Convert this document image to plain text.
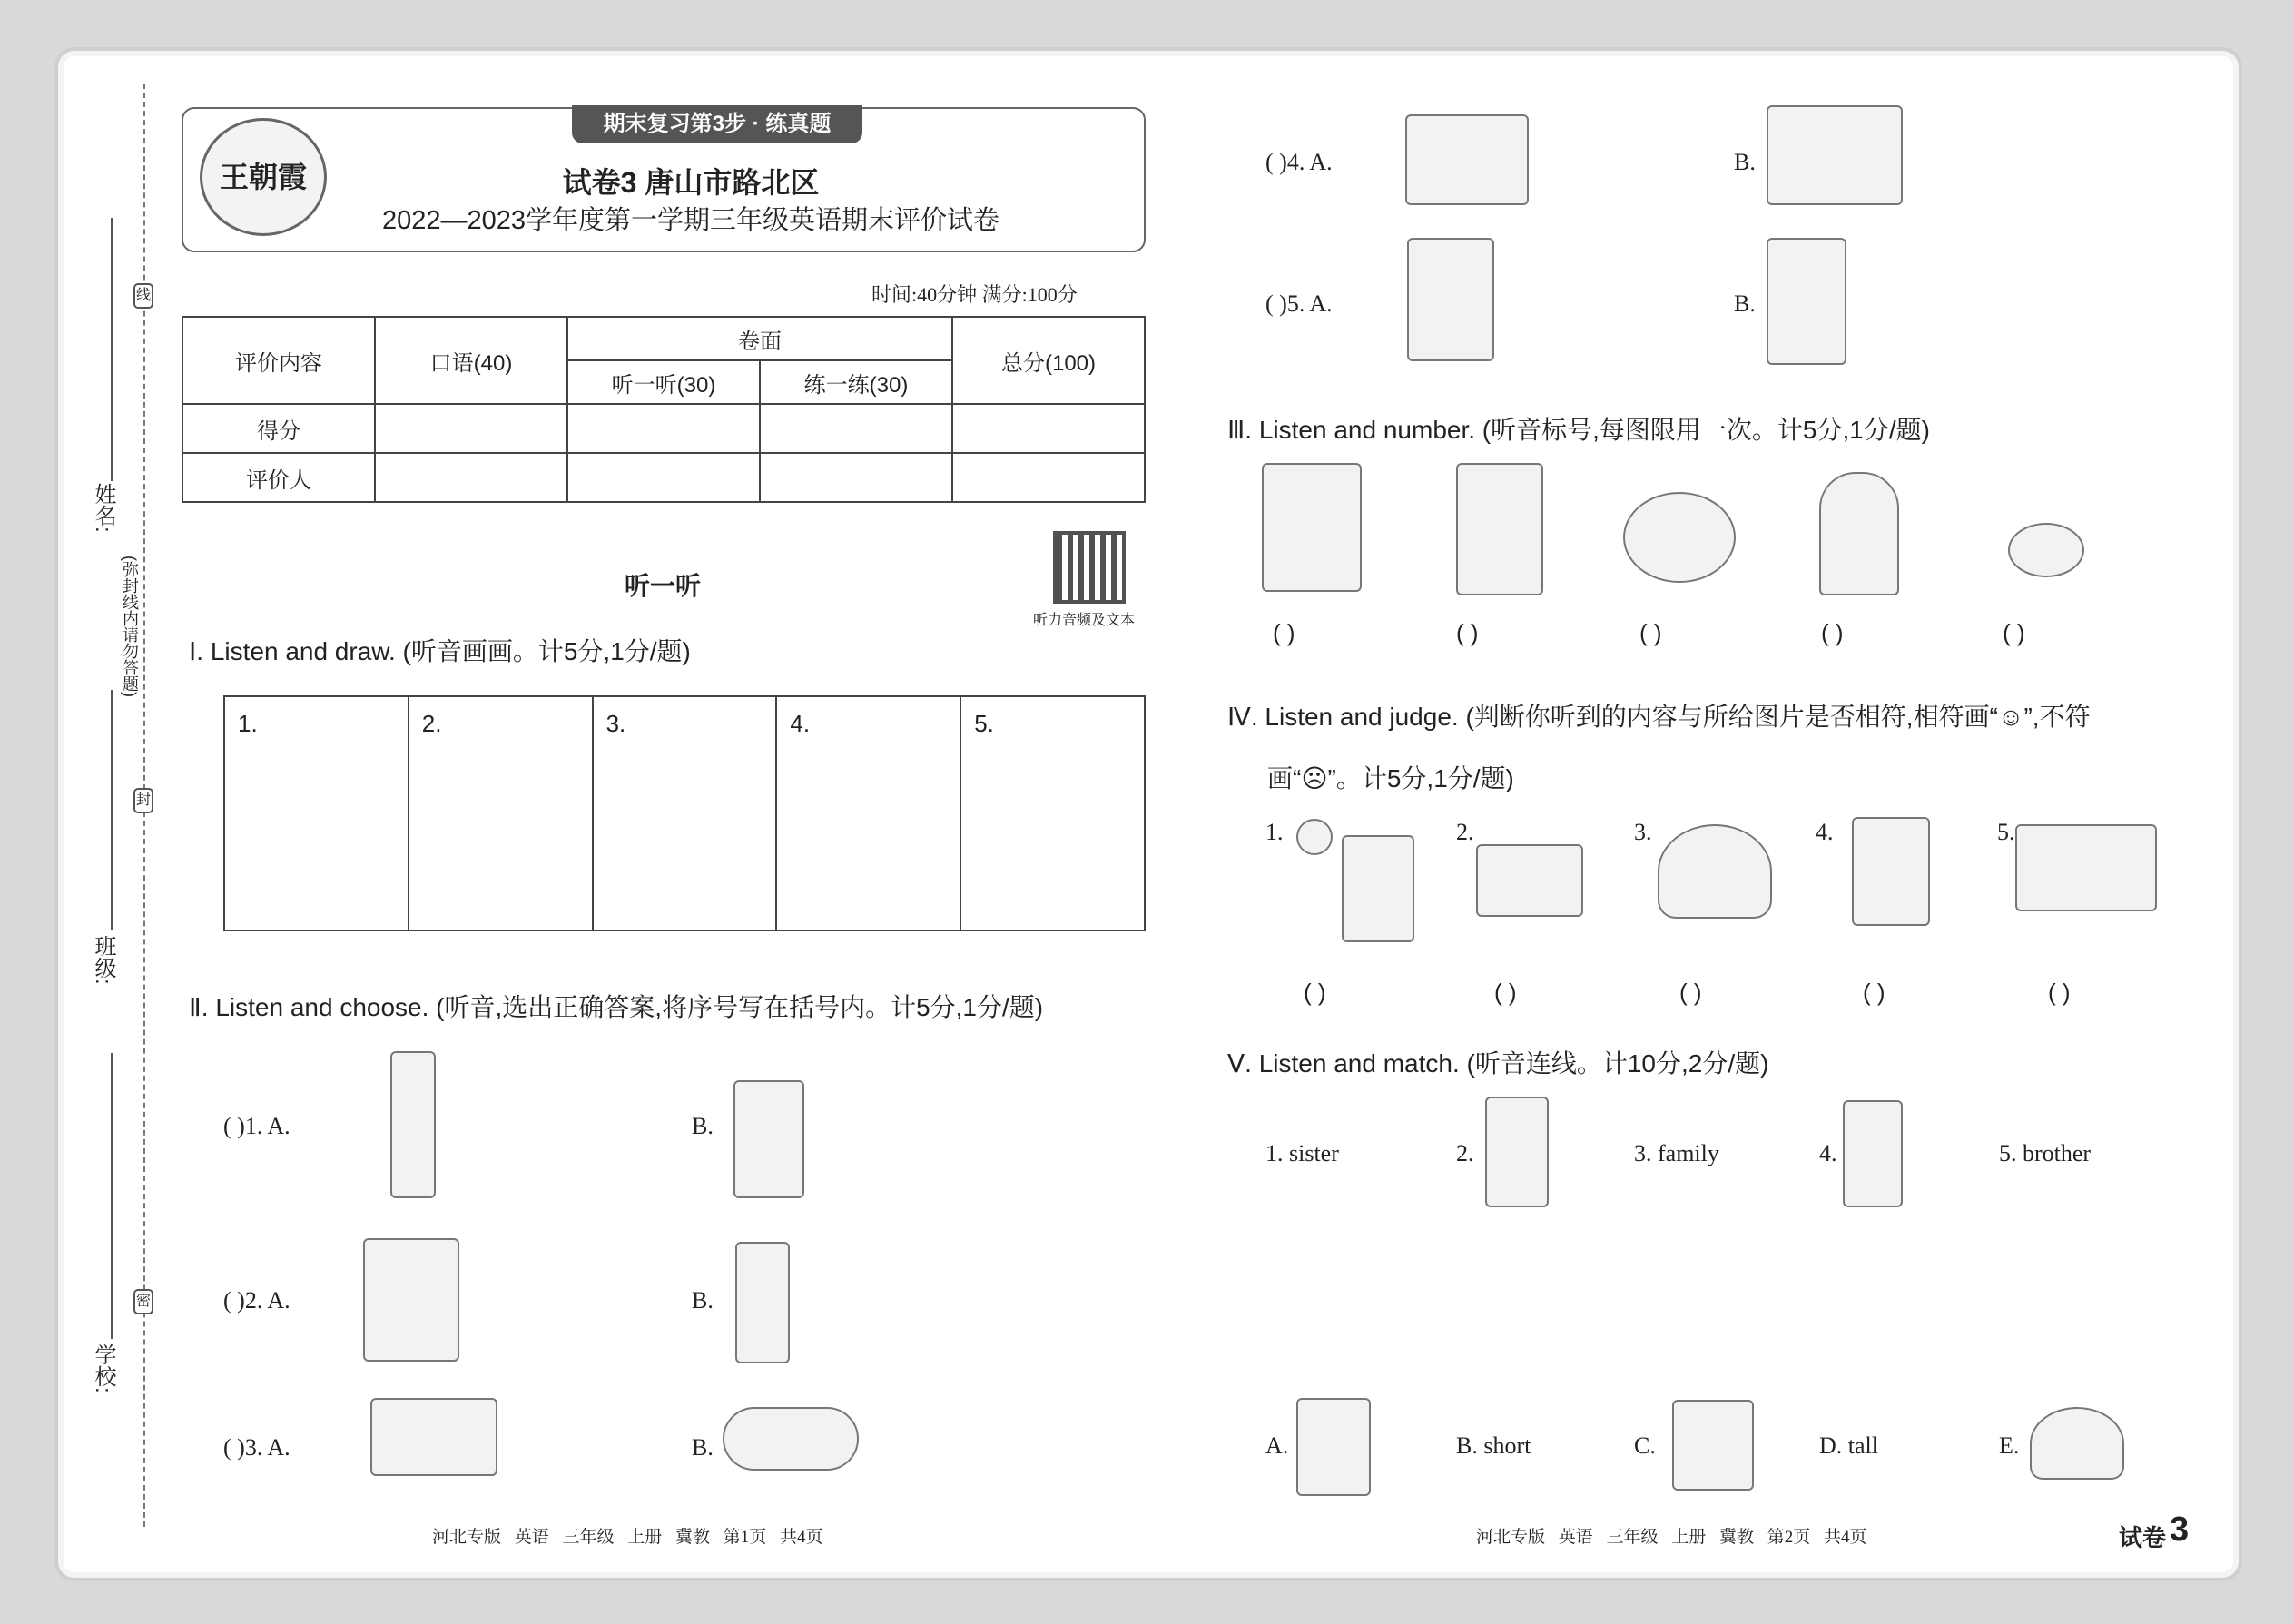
线
封
密
(弥封线内请勿答题)
姓名:
班级:
学校:
期末复习第3步 · 练真题
王朝霞	试卷3 唐山市路北区
2022—2023学年度第一学期三年级英语期末评价试卷
时间:40分钟 满分:100分
评价内容	口语(40)	卷面		总分(100)
		听一听(30)	练一练(30)	
得分				
评价人				
听力音频及文本
听一听
Ⅰ. Listen and draw. (听音画画。计5分,1分/题)
1.	2.	3.	4.	5.
Ⅱ. Listen and choose. (听音,选出正确答案,将序号写在括号内。计5分,1分/题)
( )1. A.	B.
( )2. A.	B.
( )3. A.	B.
( )4. A.	B.
( )5. A.	B.
Ⅲ. Listen and number. (听音标号,每图限用一次。计5分,1分/题)
( )	( )	( )	( )	( )
Ⅳ. Listen and judge. (判断你听到的内容与所给图片是否相符,相符画“☺”,不符
画“☹”。计5分,1分/题)
1.	2.	3.	4.	5.
( )	( )	( )	( )	( )
Ⅴ. Listen and match. (听音连线。计10分,2分/题)
1. sister	2.	3. family	4.	5. brother
A.	B. short	C.	D. tall	E.
河北专版 英语 三年级 上册 冀教 第1页 共4页	河北专版 英语 三年级 上册 冀教 第2页 共4页	试卷 3
